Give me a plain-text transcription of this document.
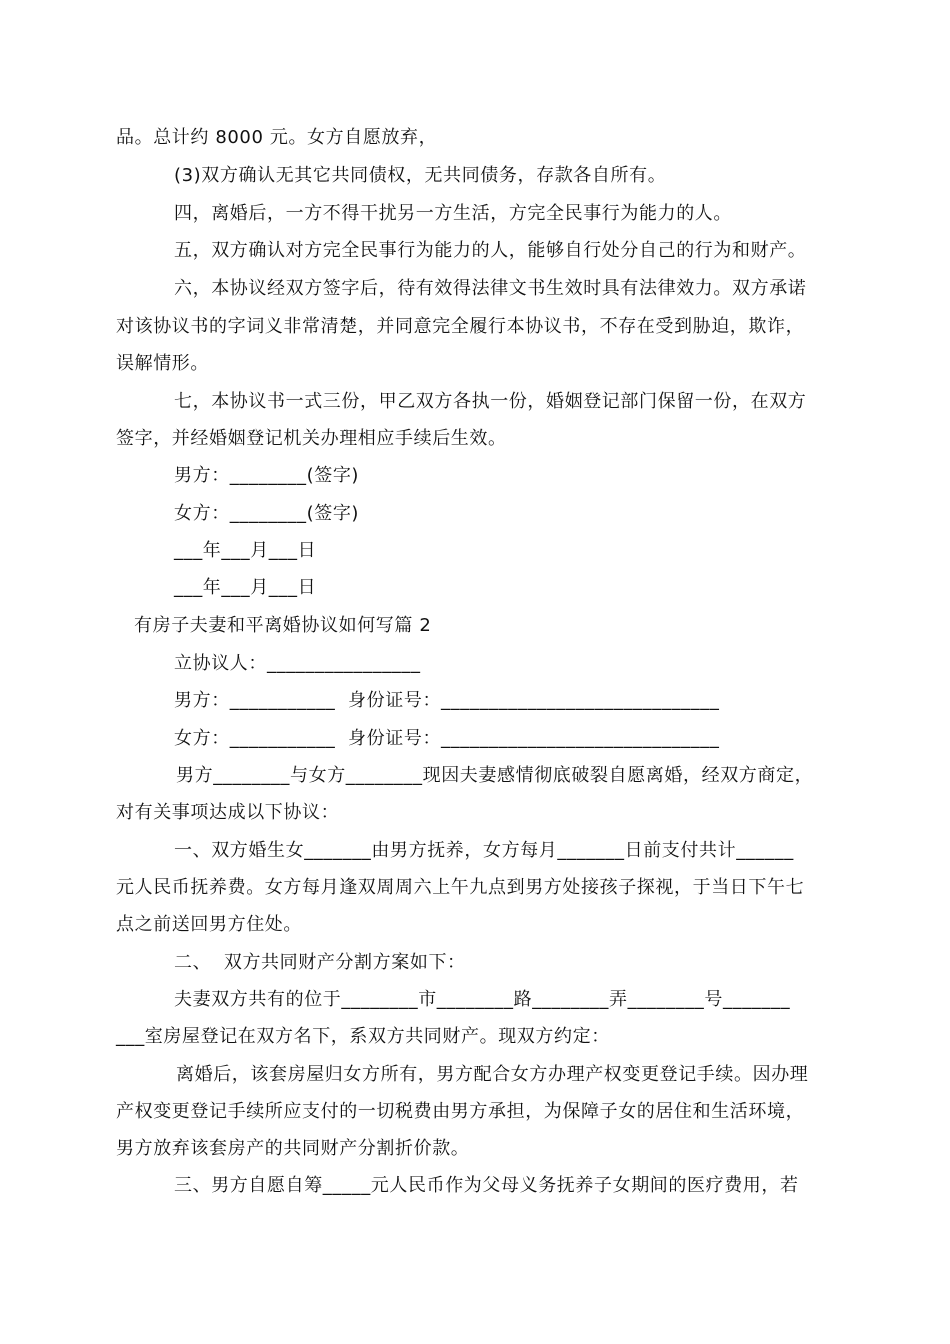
品。总计约 8000 元。女方自愿放弃，
(3)双方确认无其它共同债权，无共同债务，存款各自所有。
四，离婚后，一方不得干扰另一方生活，方完全民事行为能力的人。
五，双方确认对方完全民事行为能力的人，能够自行处分自己的行为和财产。
六，本协议经双方签字后，待有效得法律文书生效时具有法律效力。双方承诺
对该协议书的字词义非常清楚，并同意完全履行本协议书，不存在受到胁迫，欺诈，
误解情形。
七，本协议书一式三份，甲乙双方各执一份，婚姻登记部门保留一份，在双方
签字，并经婚姻登记机关办理相应手续后生效。
男方：________(签字)
女方：________(签字)
___年___月___日
___年___月___日
有房子夫妻和平离婚协议如何写篇 2
立协议人：________________
男方：___________  身份证号：_____________________________
女方：___________  身份证号：_____________________________
男方________与女方________现因夫妻感情彻底破裂自愿离婚，经双方商定，
对有关事项达成以下协议：
一、双方婚生女_______由男方抚养，女方每月_______日前支付共计______
元人民币抚养费。女方每月逢双周周六上午九点到男方处接孩子探视，于当日下午七
点之前送回男方住处。
二、  双方共同财产分割方案如下：
夫妻双方共有的位于________市________路________弄________号_______
___室房屋登记在双方名下，系双方共同财产。现双方约定：
离婚后，该套房屋归女方所有，男方配合女方办理产权变更登记手续。因办理
产权变更登记手续所应支付的一切税费由男方承担，为保障子女的居住和生活环境，
男方放弃该套房产的共同财产分割折价款。
三、男方自愿自筹_____元人民币作为父母义务抚养子女期间的医疗费用，若
